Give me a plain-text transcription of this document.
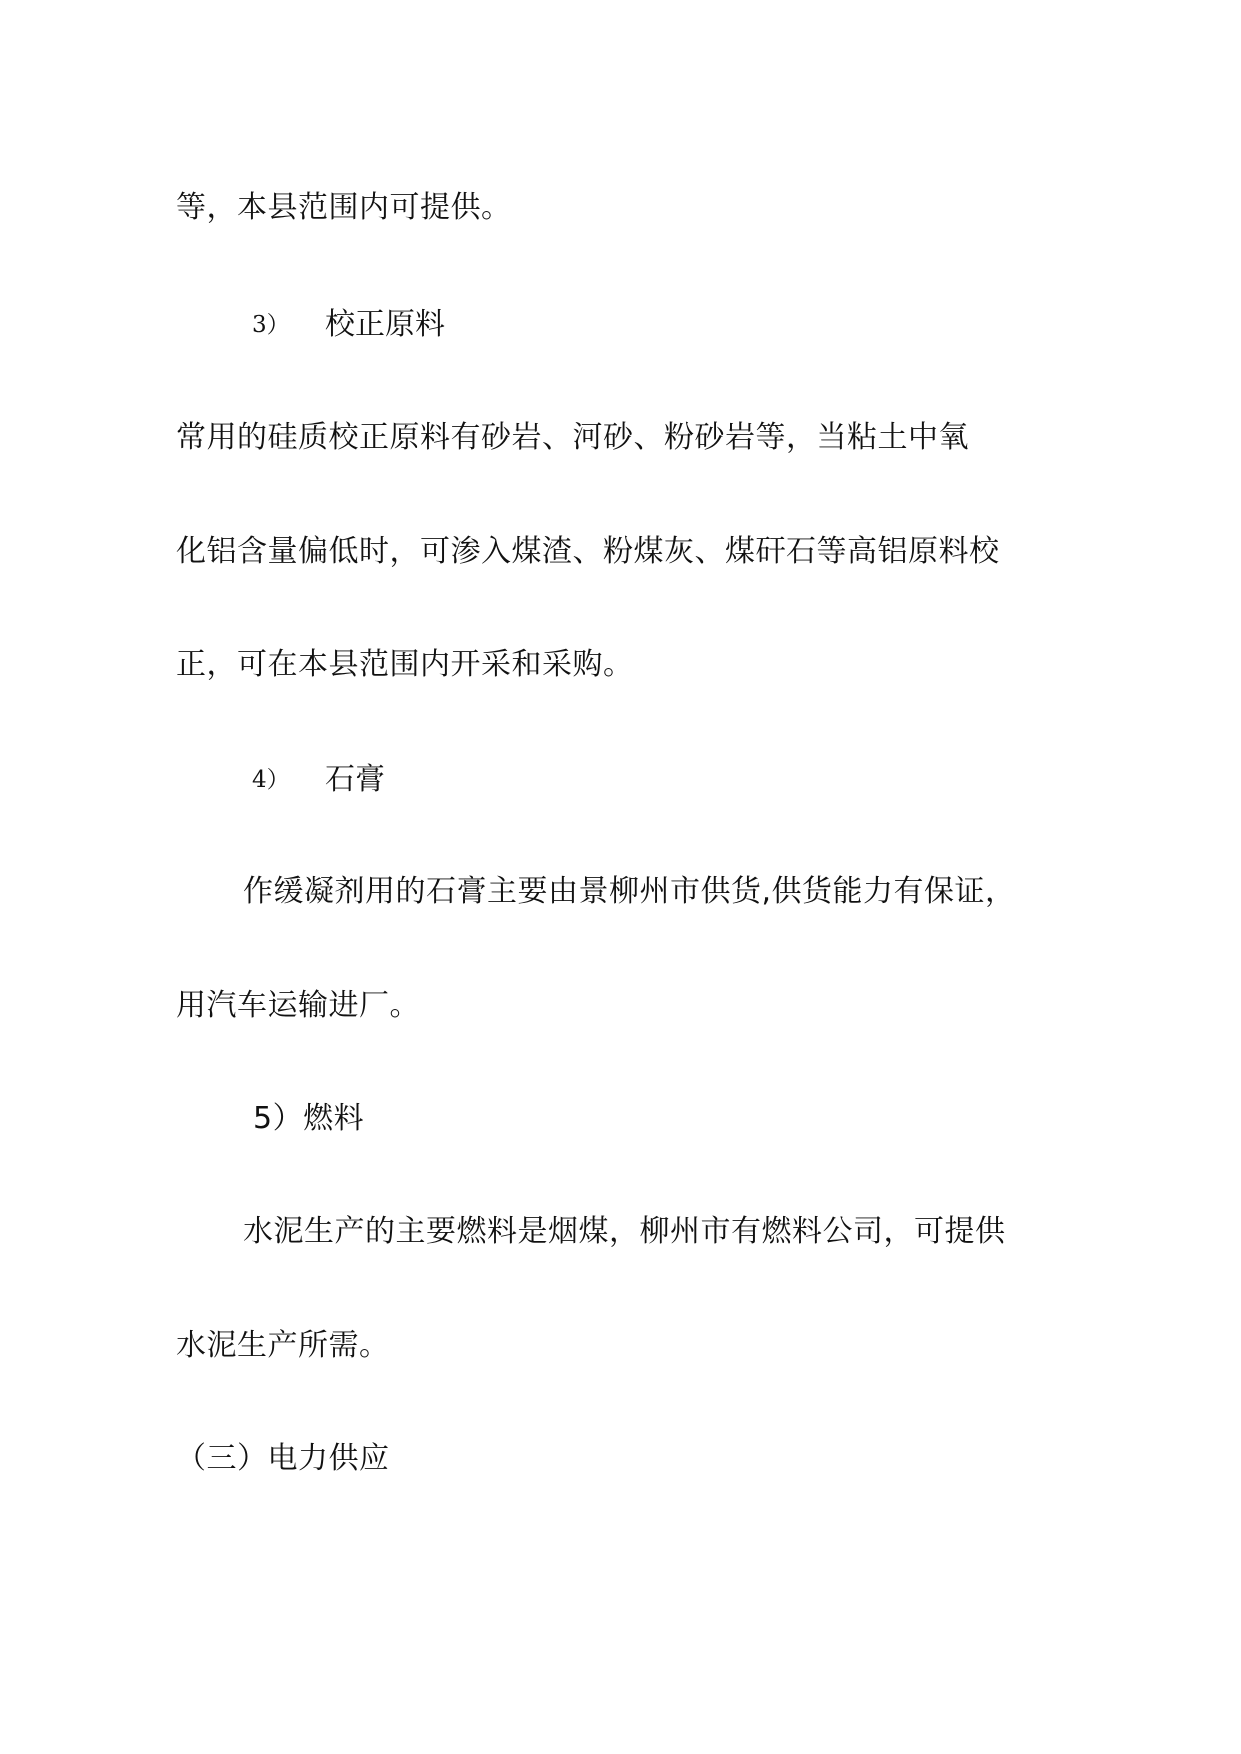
等，本县范围内可提供。
3） 校正原料
常用的硅质校正原料有砂岩、河砂、粉砂岩等，当粘土中氧
化铝含量偏低时，可渗入煤渣、粉煤灰、煤矸石等高铝原料校
正，可在本县范围内开采和采购。
4） 石膏
作缓凝剂用的石膏主要由景柳州市供货,供货能力有保证，
用汽车运输进厂。
5）燃料
水泥生产的主要燃料是烟煤，柳州市有燃料公司，可提供
水泥生产所需。
（三）电力供应
